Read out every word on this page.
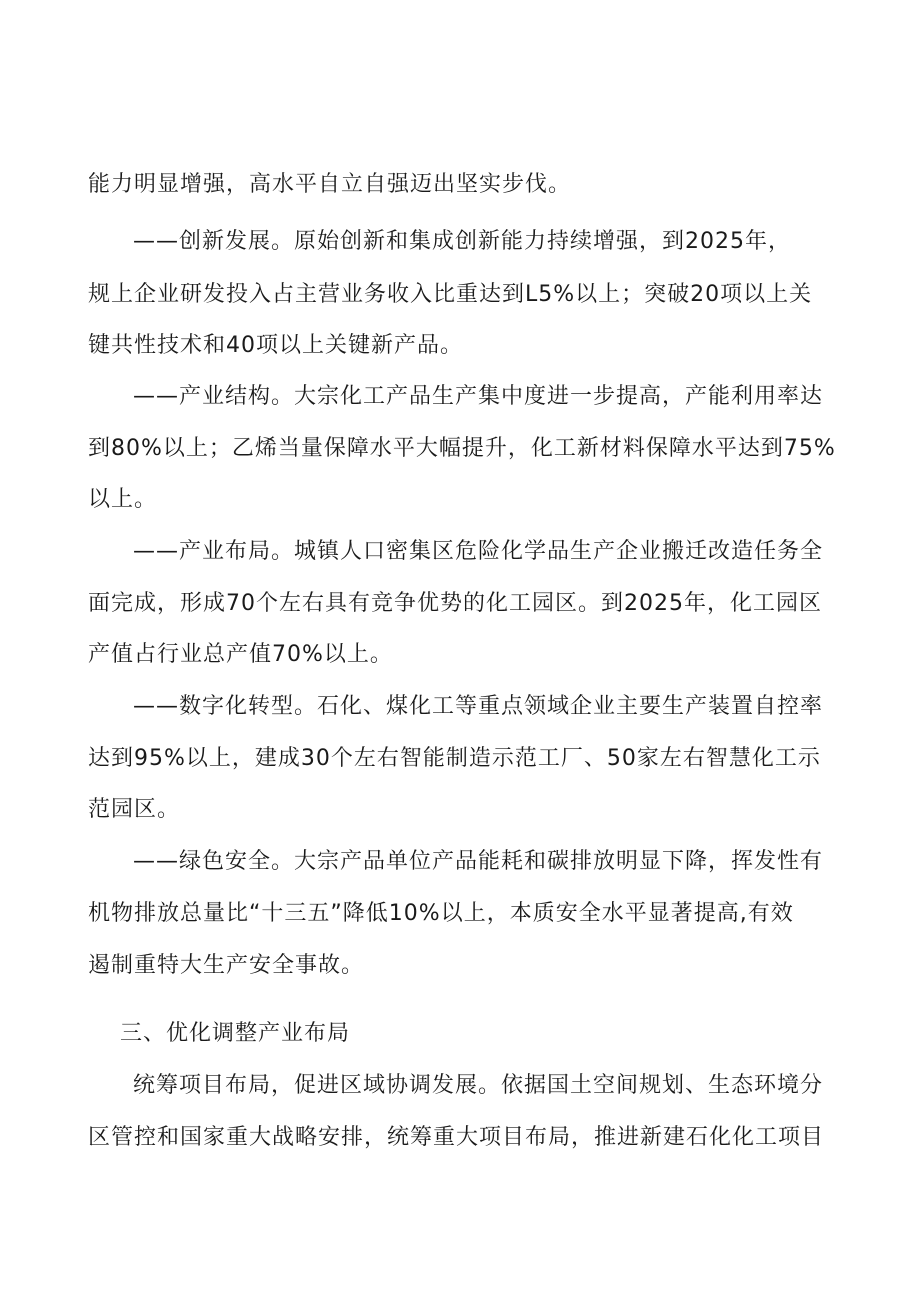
能力明显增强，高水平自立自强迈出坚实步伐。
——创新发展。原始创新和集成创新能力持续增强，到2025年，
规上企业研发投入占主营业务收入比重达到L5%以上；突破20项以上关
键共性技术和40项以上关键新产品。
——产业结构。大宗化工产品生产集中度进一步提高，产能利用率达
到80%以上；乙烯当量保障水平大幅提升，化工新材料保障水平达到75%
以上。
——产业布局。城镇人口密集区危险化学品生产企业搬迁改造任务全
面完成，形成70个左右具有竞争优势的化工园区。到2025年，化工园区
产值占行业总产值70%以上。
——数字化转型。石化、煤化工等重点领域企业主要生产装置自控率
达到95%以上，建成30个左右智能制造示范工厂、50家左右智慧化工示
范园区。
——绿色安全。大宗产品单位产品能耗和碳排放明显下降，挥发性有
机物排放总量比“十三五”降低10%以上，本质安全水平显著提高,有效
遏制重特大生产安全事故。
三、优化调整产业布局
统筹项目布局，促进区域协调发展。依据国土空间规划、生态环境分
区管控和国家重大战略安排，统筹重大项目布局，推进新建石化化工项目
